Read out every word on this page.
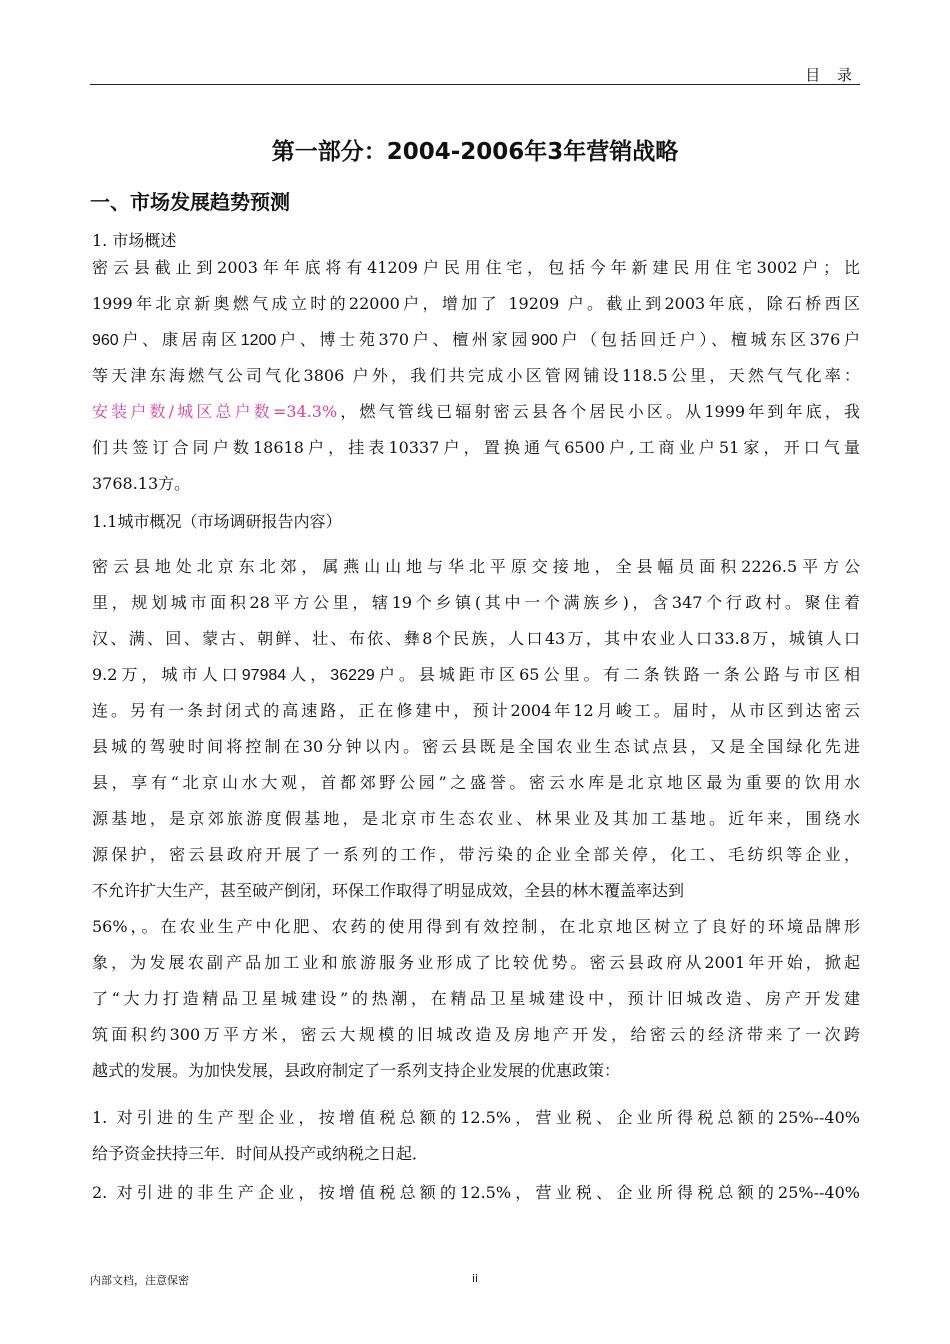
目 录
第一部分：2004-2006年3年营销战略
一、市场发展趋势预测
1. 市场概述
密云县截止到2003年年底将有41209户民用住宅，包括今年新建民用住宅3002户；比
1999年北京新奥燃气成立时的22000户，增加了 19209 户。截止到2003年底，除石桥西区
960户、康居南区1200户、博士苑370户、檀州家园900户（包括回迁户）、檀城东区376户
等天津东海燃气公司气化3806 户外，我们共完成小区管网铺设118.5公里，天然气气化率：
安装户数/城区总户数=34.3%，燃气管线已辐射密云县各个居民小区。从1999年到年底，我
们共签订合同户数18618户，挂表10337户，置换通气6500户,工商业户51家，开口气量
3768.13方。
1.1城市概况（市场调研报告内容）
密云县地处北京东北郊，属燕山山地与华北平原交接地，全县幅员面积2226.5平方公
里，规划城市面积28平方公里，辖19个乡镇(其中一个满族乡)，含347个行政村。聚住着
汉、满、回、蒙古、朝鲜、壮、布依、彝8个民族，人口43万，其中农业人口33.8万，城镇人口
9.2万，城市人口97984人，36229户。县城距市区65公里。有二条铁路一条公路与市区相
连。另有一条封闭式的高速路，正在修建中，预计2004年12月峻工。届时，从市区到达密云
县城的驾驶时间将控制在30分钟以内。密云县既是全国农业生态试点县，又是全国绿化先进
县，享有“北京山水大观，首都郊野公园”之盛誉。密云水库是北京地区最为重要的饮用水
源基地，是京郊旅游度假基地，是北京市生态农业、林果业及其加工基地。近年来，围绕水
源保护，密云县政府开展了一系列的工作，带污染的企业全部关停，化工、毛纺织等企业，
不允许扩大生产，甚至破产倒闭，环保工作取得了明显成效，全县的林木覆盖率达到
56%，。在农业生产中化肥、农药的使用得到有效控制，在北京地区树立了良好的环境品牌形
象，为发展农副产品加工业和旅游服务业形成了比较优势。密云县政府从2001年开始，掀起
了“大力打造精品卫星城建设”的热潮，在精品卫星城建设中，预计旧城改造、房产开发建
筑面积约300万平方米，密云大规模的旧城改造及房地产开发，给密云的经济带来了一次跨
越式的发展。为加快发展，县政府制定了一系列支持企业发展的优惠政策：
1. 对引进的生产型企业，按增值税总额的12.5%，营业税、企业所得税总额的25%--40%
给予资金扶持三年．时间从投产或纳税之日起．
2. 对引进的非生产企业，按增值税总额的12.5%，营业税、企业所得税总额的25%--40%
内部文档，注意保密	ii
